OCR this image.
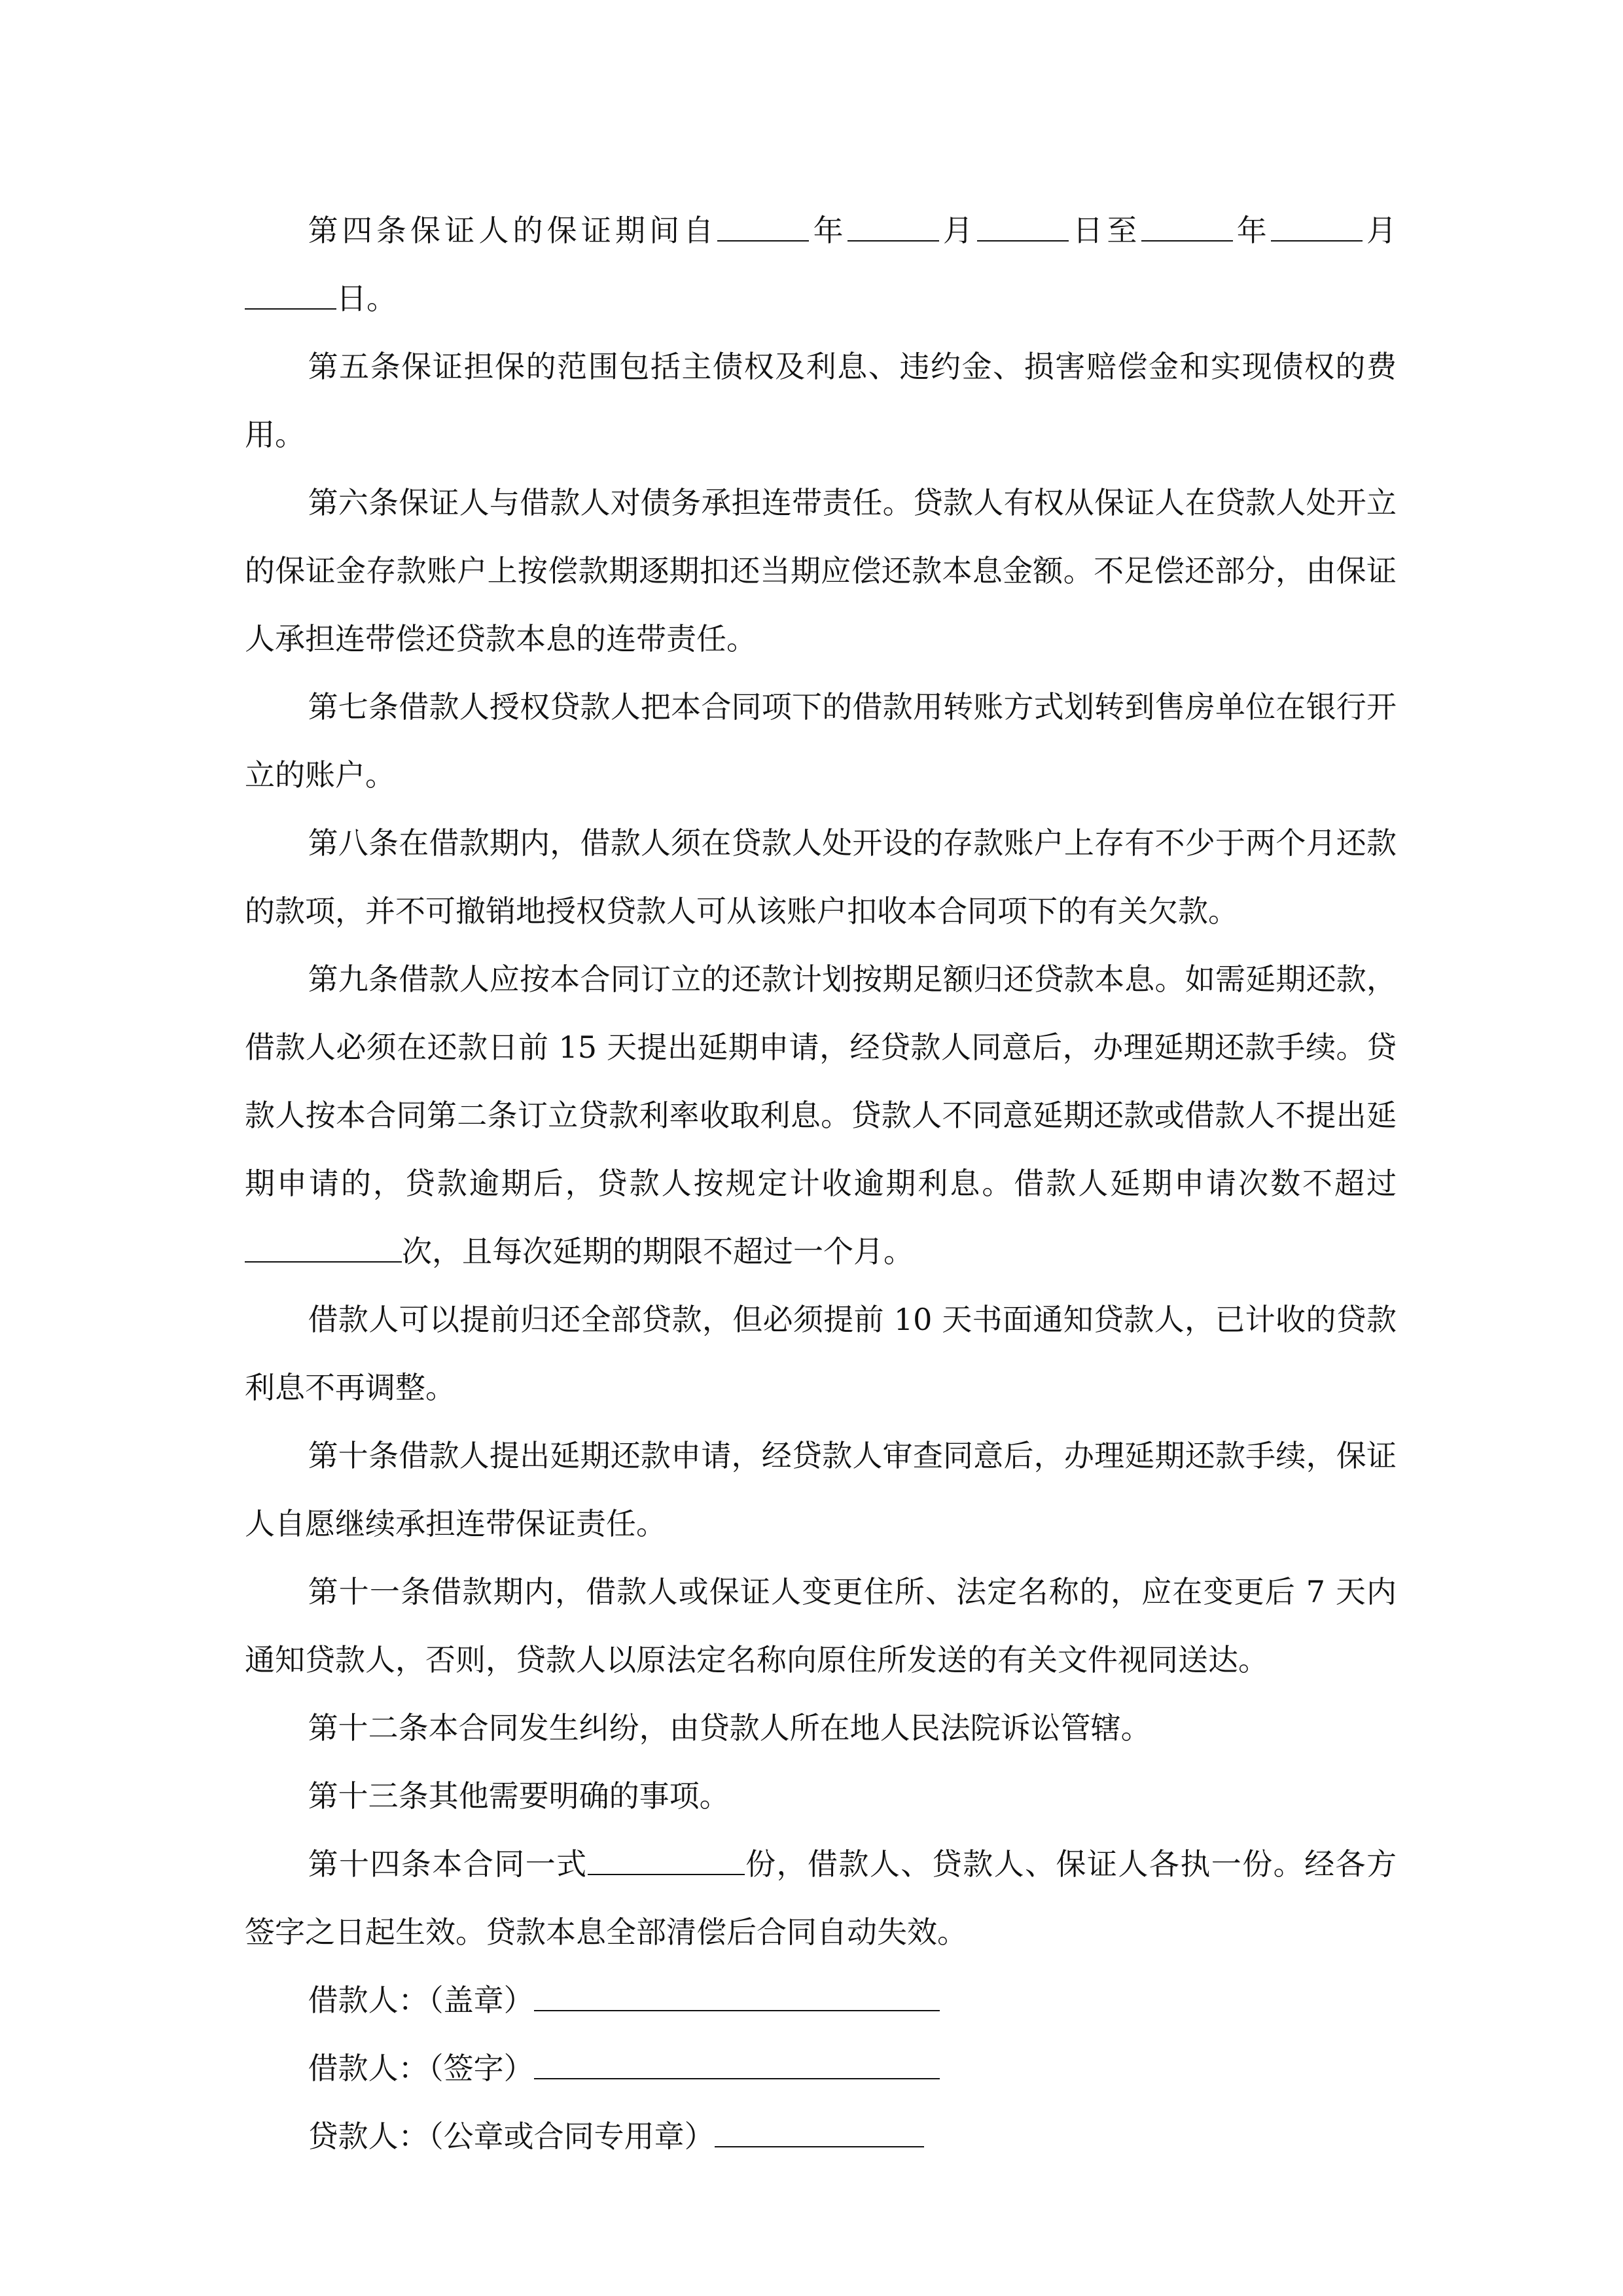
第四条保证人的保证期间自	年	月	日至	年	月 日。

第五条保证担保的范围包括主债权及利息、违约金、损害赔偿金和实现债权的费用。

第六条保证人与借款人对债务承担连带责任。贷款人有权从保证人在贷款人处开立的保证金存款账户上按偿款期逐期扣还当期应偿还款本息金额。不足偿还部分，由保证人承担连带偿还贷款本息的连带责任。

第七条借款人授权贷款人把本合同项下的借款用转账方式划转到售房单位在银行开立的账户。

第八条在借款期内，借款人须在贷款人处开设的存款账户上存有不少于两个月还款的款项，并不可撤销地授权贷款人可从该账户扣收本合同项下的有关欠款。

第九条借款人应按本合同订立的还款计划按期足额归还贷款本息。如需延期还款，借款人必须在还款日前 15 天提出延期申请，经贷款人同意后，办理延期还款手续。贷款人按本合同第二条订立贷款利率收取利息。贷款人不同意延期还款或借款人不提出延期申请的，贷款逾期后，贷款人按规定计收逾期利息。借款人延期申请次数不超过次，且每次延期的期限不超过一个月。

借款人可以提前归还全部贷款，但必须提前 10 天书面通知贷款人，已计收的贷款利息不再调整。

第十条借款人提出延期还款申请，经贷款人审查同意后，办理延期还款手续，保证人自愿继续承担连带保证责任。

第十一条借款期内，借款人或保证人变更住所、法定名称的，应在变更后 7 天内通知贷款人，否则，贷款人以原法定名称向原住所发送的有关文件视同送达。

第十二条本合同发生纠纷，由贷款人所在地人民法院诉讼管辖。

第十三条其他需要明确的事项。

第十四条本合同一式	份，借款人、贷款人、保证人各执一份。经各方签字之日起生效。贷款本息全部清偿后合同自动失效。

借款人：（盖章）

借款人：（签字）

贷款人：（公章或合同专用章）
